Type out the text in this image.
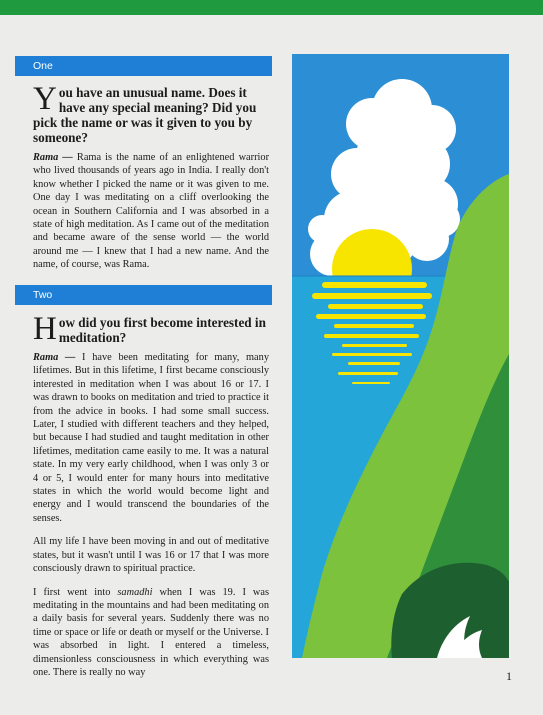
One

You have an unusual name. Does it have any special meaning? Did you pick the name or was it given to you by someone?

Rama — Rama is the name of an enlightened warrior who lived thousands of years ago in India. I really don't know whether I picked the name or it was given to me. One day I was meditating on a cliff overlooking the ocean in Southern California and I was absorbed in a state of high meditation. As I came out of the meditation and became aware of the sense world — the world around me — I knew that I had a new name. And the name, of course, was Rama.

Two

How did you first become interested in meditation?

Rama — I have been meditating for many, many lifetimes. But in this lifetime, I first became consciously interested in meditation when I was about 16 or 17. I was drawn to books on meditation and tried to practice it from the advice in books. I had some small success. Later, I studied with different teachers and they helped, but because I had studied and taught meditation in other lifetimes, meditation came easily to me. It was a natural state. In my very early childhood, when I was only 3 or 4 or 5, I would enter for many hours into meditative states in which the world would become light and energy and I would transcend the boundaries of the senses.

All my life I have been moving in and out of meditative states, but it wasn't until I was 16 or 17 that I was more consciously drawn to spiritual practice.

I first went into samadhi when I was 19. I was meditating in the mountains and had been meditating on a daily basis for several years. Suddenly there was no time or space or life or death or myself or the Universe. I was absorbed in light. I entered a timeless, dimensionless consciousness in which everything was one. There is really no way	1
